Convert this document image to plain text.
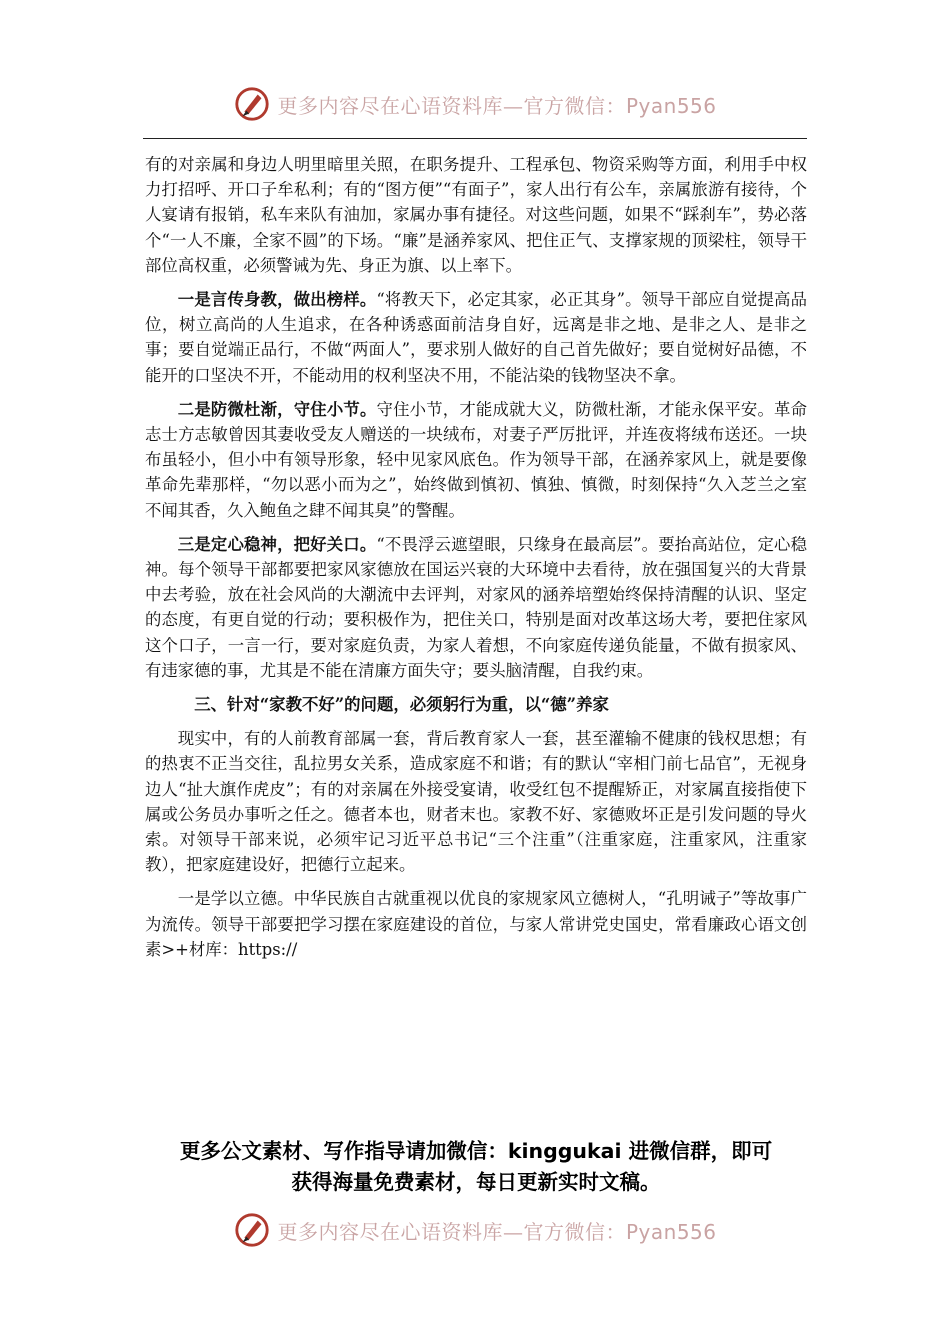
更多内容尽在心语资料库—官方微信：Pyan556

有的对亲属和身边人明里暗里关照，在职务提升、工程承包、物资采购等方面，利用手中权力打招呼、开口子牟私利；有的“图方便”“有面子”，家人出行有公车，亲属旅游有接待，个人宴请有报销，私车来队有油加，家属办事有捷径。对这些问题，如果不“踩刹车”，势必落个“一人不廉，全家不圆”的下场。“廉”是涵养家风、把住正气、支撑家规的顶梁柱，领导干部位高权重，必须警诫为先、身正为旗、以上率下。

一是言传身教，做出榜样。“将教天下，必定其家，必正其身”。领导干部应自觉提高品位，树立高尚的人生追求，在各种诱惑面前洁身自好，远离是非之地、是非之人、是非之事；要自觉端正品行，不做“两面人”，要求别人做好的自己首先做好；要自觉树好品德，不能开的口坚决不开，不能动用的权利坚决不用，不能沾染的钱物坚决不拿。

二是防微杜渐，守住小节。守住小节，才能成就大义，防微杜渐，才能永保平安。革命志士方志敏曾因其妻收受友人赠送的一块绒布，对妻子严厉批评，并连夜将绒布送还。一块布虽轻小，但小中有领导形象，轻中见家风底色。作为领导干部，在涵养家风上，就是要像革命先辈那样，“勿以恶小而为之”，始终做到慎初、慎独、慎微，时刻保持“久入芝兰之室不闻其香，久入鲍鱼之肆不闻其臭”的警醒。

三是定心稳神，把好关口。“不畏浮云遮望眼，只缘身在最高层”。要抬高站位，定心稳神。每个领导干部都要把家风家德放在国运兴衰的大环境中去看待，放在强国复兴的大背景中去考验，放在社会风尚的大潮流中去评判，对家风的涵养培塑始终保持清醒的认识、坚定的态度，有更自觉的行动；要积极作为，把住关口，特别是面对改革这场大考，要把住家风这个口子，一言一行，要对家庭负责，为家人着想，不向家庭传递负能量，不做有损家风、有违家德的事，尤其是不能在清廉方面失守；要头脑清醒，自我约束。

三、针对“家教不好”的问题，必须躬行为重，以“德”养家

现实中，有的人前教育部属一套，背后教育家人一套，甚至灌输不健康的钱权思想；有的热衷不正当交往，乱拉男女关系，造成家庭不和谐；有的默认“宰相门前七品官”，无视身边人“扯大旗作虎皮”；有的对亲属在外接受宴请，收受红包不提醒矫正，对家属直接指使下属或公务员办事听之任之。德者本也，财者末也。家教不好、家德败坏正是引发问题的导火索。对领导干部来说，必须牢记习近平总书记“三个注重”（注重家庭，注重家风，注重家教），把家庭建设好，把德行立起来。

一是学以立德。中华民族自古就重视以优良的家规家风立德树人，“孔明诫子”等故事广为流传。领导干部要把学习摆在家庭建设的首位，与家人常讲党史国史，常看廉政心语文创素>+材库：https://

更多公文素材、写作指导请加微信：kinggukai 进微信群，即可
获得海量免费素材，每日更新实时文稿。
更多内容尽在心语资料库—官方微信：Pyan556
